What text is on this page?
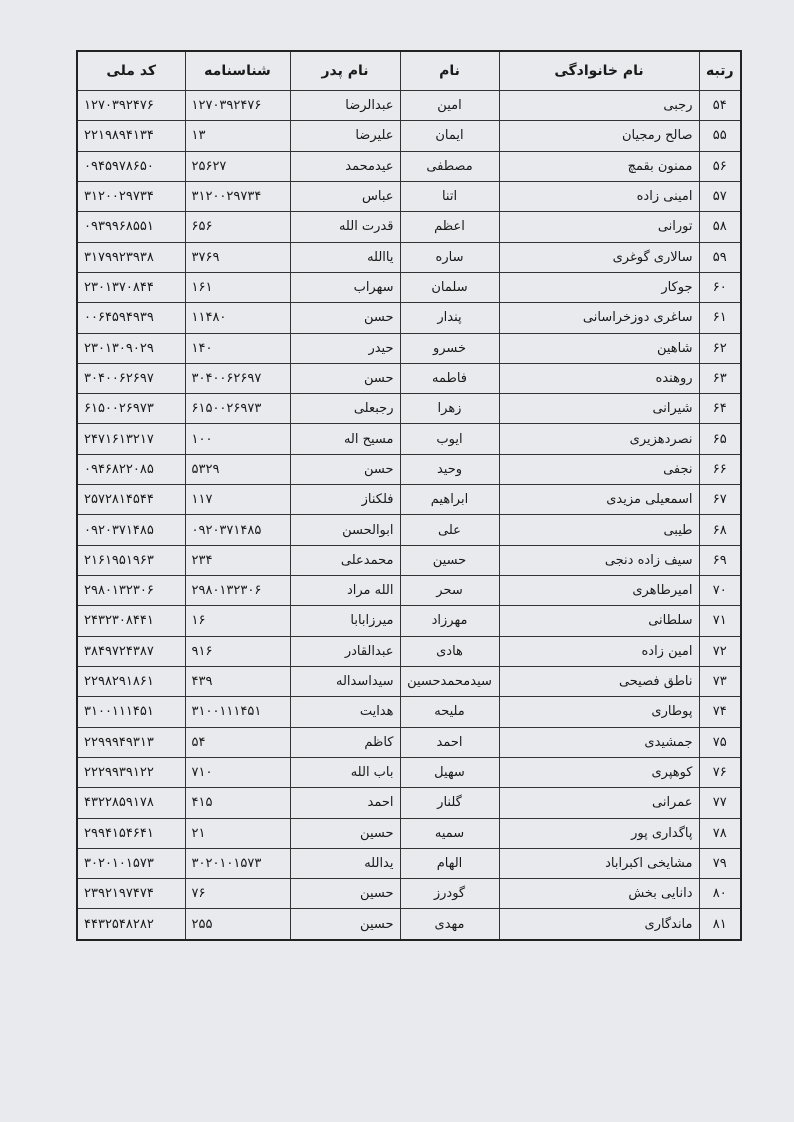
رتبه	نام خانوادگی	نام	نام پدر	شناسنامه	کد ملی
۵۴	رجبی	امین	عبدالرضا	۱۲۷۰۳۹۲۴۷۶	۱۲۷۰۳۹۲۴۷۶
۵۵	صالح رمجیان	ایمان	علیرضا	۱۳	۲۲۱۹۸۹۴۱۳۴
۵۶	ممنون بقمچ	مصطفی	عیدمحمد	۲۵۶۲۷	۰۹۴۵۹۷۸۶۵۰
۵۷	امینی زاده	اتنا	عباس	۳۱۲۰۰۲۹۷۳۴	۳۱۲۰۰۲۹۷۳۴
۵۸	تورانی	اعظم	قدرت الله	۶۵۶	۰۹۳۹۹۶۸۵۵۱
۵۹	سالاری گوغری	ساره	یاالله	۳۷۶۹	۳۱۷۹۹۲۳۹۳۸
۶۰	جوکار	سلمان	سهراب	۱۶۱	۲۳۰۱۳۷۰۸۴۴
۶۱	ساغری دوزخراسانی	پندار	حسن	۱۱۴۸۰	۰۰۶۴۵۹۴۹۳۹
۶۲	شاهین	خسرو	حیدر	۱۴۰	۲۳۰۱۳۰۹۰۲۹
۶۳	روهنده	فاطمه	حسن	۳۰۴۰۰۶۲۶۹۷	۳۰۴۰۰۶۲۶۹۷
۶۴	شیرانی	زهرا	رجبعلی	۶۱۵۰۰۲۶۹۷۳	۶۱۵۰۰۲۶۹۷۳
۶۵	نصردهزیری	ایوب	مسیح اله	۱۰۰	۲۴۷۱۶۱۳۲۱۷
۶۶	نجفی	وحید	حسن	۵۳۲۹	۰۹۴۶۸۲۲۰۸۵
۶۷	اسمعیلی مزیدی	ابراهیم	فلکناز	۱۱۷	۲۵۷۲۸۱۴۵۴۴
۶۸	طیبی	علی	ابوالحسن	۰۹۲۰۳۷۱۴۸۵	۰۹۲۰۳۷۱۴۸۵
۶۹	سیف زاده دنجی	حسین	محمدعلی	۲۳۴	۲۱۶۱۹۵۱۹۶۳
۷۰	امیرطاهری	سحر	الله مراد	۲۹۸۰۱۳۲۳۰۶	۲۹۸۰۱۳۲۳۰۶
۷۱	سلطانی	مهرزاد	میرزابابا	۱۶	۲۴۳۲۳۰۸۴۴۱
۷۲	امین زاده	هادی	عبدالقادر	۹۱۶	۳۸۴۹۷۲۴۳۸۷
۷۳	ناطق فصیحی	سیدمحمدحسین	سیداسداله	۴۳۹	۲۲۹۸۲۹۱۸۶۱
۷۴	پوطاری	ملیحه	هدایت	۳۱۰۰۱۱۱۴۵۱	۳۱۰۰۱۱۱۴۵۱
۷۵	جمشیدی	احمد	کاظم	۵۴	۲۲۹۹۹۴۹۳۱۳
۷۶	کوهپری	سهیل	باب الله	۷۱۰	۲۲۲۹۹۳۹۱۲۲
۷۷	عمرانی	گلنار	احمد	۴۱۵	۴۳۲۲۸۵۹۱۷۸
۷۸	پاگداری پور	سمیه	حسین	۲۱	۲۹۹۴۱۵۴۶۴۱
۷۹	مشایخی اکبراباد	الهام	یدالله	۳۰۲۰۱۰۱۵۷۳	۳۰۲۰۱۰۱۵۷۳
۸۰	دانایی بخش	گودرز	حسین	۷۶	۲۳۹۲۱۹۷۴۷۴
۸۱	ماندگاری	مهدی	حسین	۲۵۵	۴۴۳۲۵۴۸۲۸۲
